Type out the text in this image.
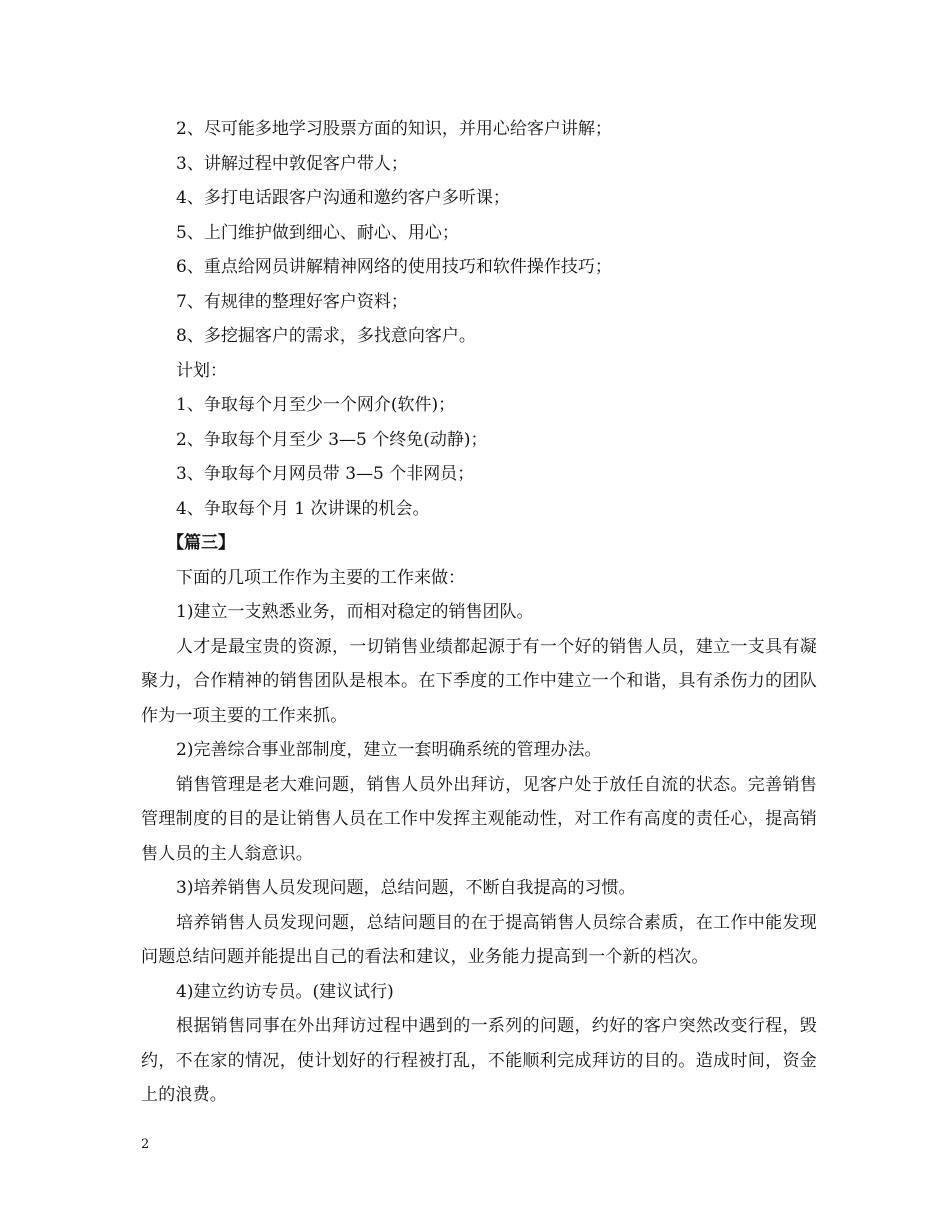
2、尽可能多地学习股票方面的知识，并用心给客户讲解；
3、讲解过程中敦促客户带人；
4、多打电话跟客户沟通和邀约客户多听课；
5、上门维护做到细心、耐心、用心；
6、重点给网员讲解精神网络的使用技巧和软件操作技巧；
7、有规律的整理好客户资料；
8、多挖掘客户的需求，多找意向客户。
计划：
1、争取每个月至少一个网介(软件)；
2、争取每个月至少 3—5 个终免(动静)；
3、争取每个月网员带 3—5 个非网员；
4、争取每个月 1 次讲课的机会。
【篇三】
下面的几项工作作为主要的工作来做：
1)建立一支熟悉业务，而相对稳定的销售团队。
人才是最宝贵的资源，一切销售业绩都起源于有一个好的销售人员，建立一支具有凝聚力，合作精神的销售团队是根本。在下季度的工作中建立一个和谐，具有杀伤力的团队作为一项主要的工作来抓。
2)完善综合事业部制度，建立一套明确系统的管理办法。
销售管理是老大难问题，销售人员外出拜访，见客户处于放任自流的状态。完善销售管理制度的目的是让销售人员在工作中发挥主观能动性，对工作有高度的责任心，提高销售人员的主人翁意识。
3)培养销售人员发现问题，总结问题，不断自我提高的习惯。
培养销售人员发现问题，总结问题目的在于提高销售人员综合素质，在工作中能发现问题总结问题并能提出自己的看法和建议，业务能力提高到一个新的档次。
4)建立约访专员。(建议试行)
根据销售同事在外出拜访过程中遇到的一系列的问题，约好的客户突然改变行程，毁约，不在家的情况，使计划好的行程被打乱，不能顺利完成拜访的目的。造成时间，资金上的浪费。
2
